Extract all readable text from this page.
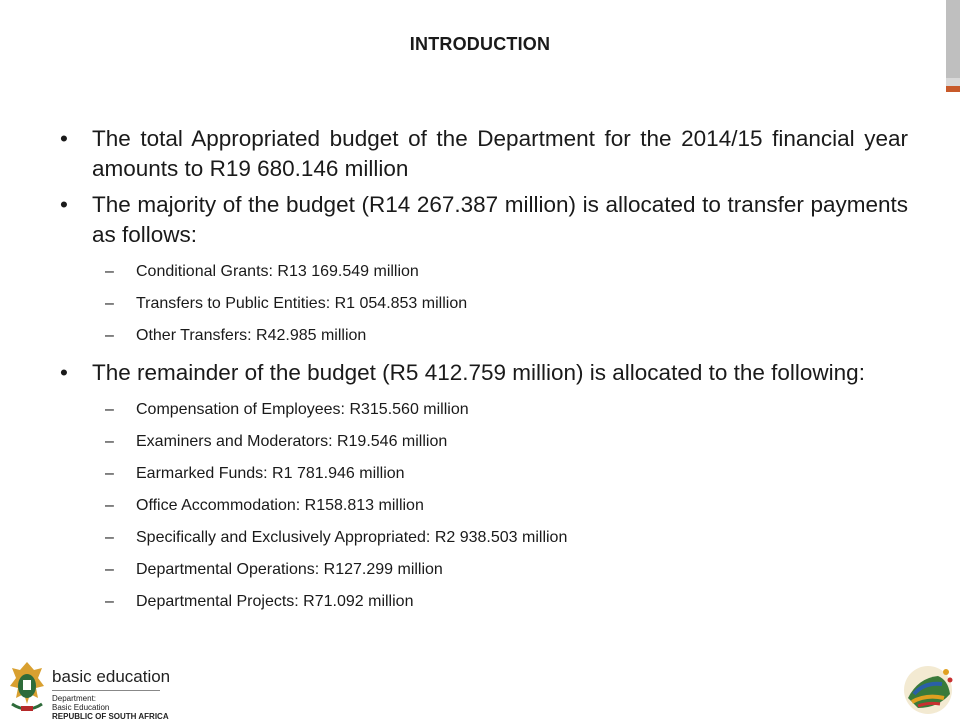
INTRODUCTION
• The total Appropriated budget of the Department for the 2014/15 financial year amounts to R19 680.146 million
• The majority of the budget (R14 267.387 million) is allocated to transfer payments as follows:
– Conditional Grants: R13 169.549 million
– Transfers to Public Entities: R1 054.853 million
– Other Transfers: R42.985 million
• The remainder of the budget (R5 412.759 million) is allocated to the following:
– Compensation of Employees: R315.560 million
– Examiners and Moderators: R19.546 million
– Earmarked Funds: R1 781.946 million
– Office Accommodation: R158.813 million
– Specifically and Exclusively Appropriated: R2 938.503 million
– Departmental Operations: R127.299 million
– Departmental Projects: R71.092 million
basic education
Department:
Basic Education
REPUBLIC OF SOUTH AFRICA
